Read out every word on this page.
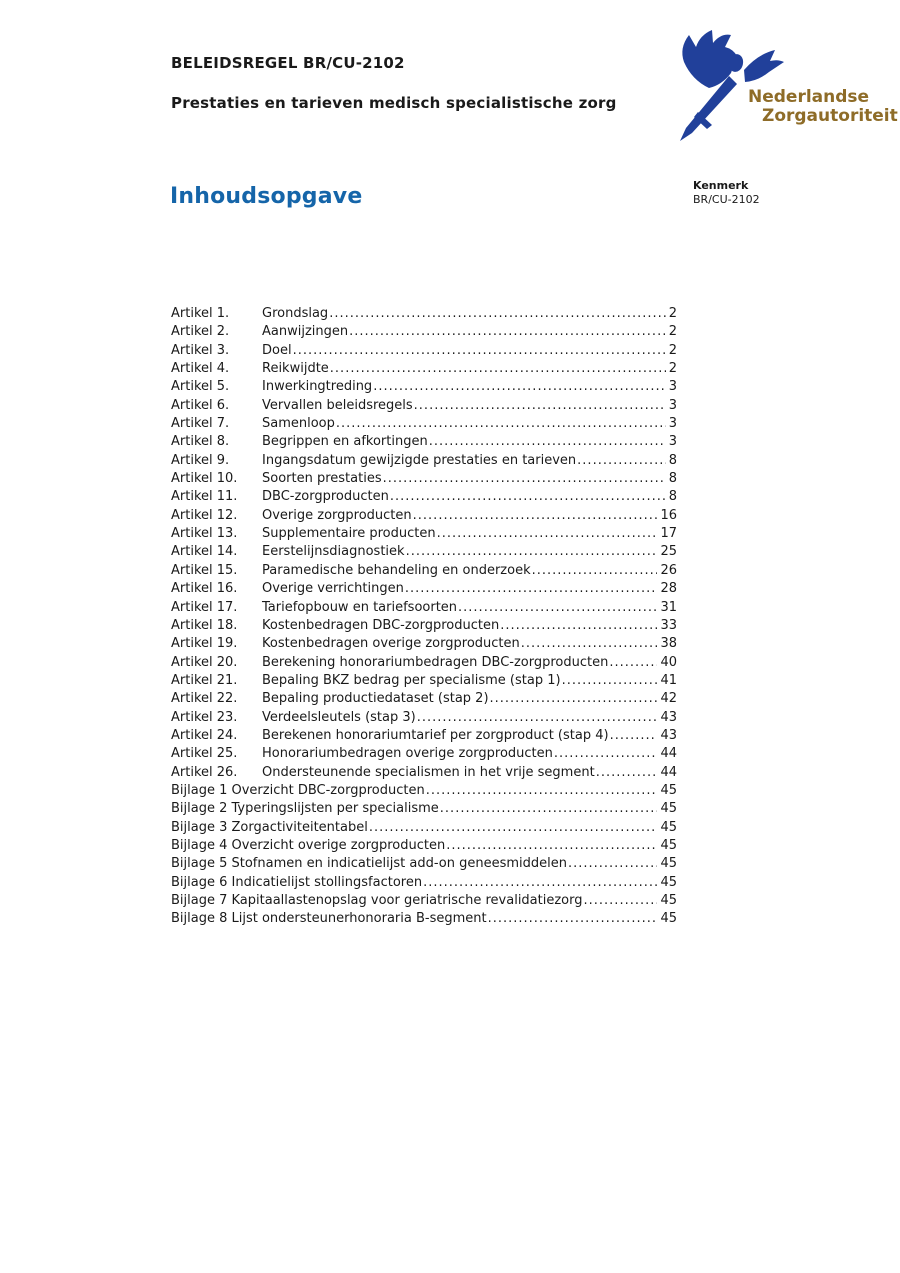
BELEIDSREGEL BR/CU-2102
Prestaties en tarieven medisch specialistische zorg	Nederlandse
Zorgautoriteit
Kenmerk
BR/CU-2102
Inhoudsopgave
Artikel 1.	Grondslag .....	2
Artikel 2.	Aanwijzingen .....	2
Artikel 3.	Doel .....	2
Artikel 4.	Reikwijdte .....	2
Artikel 5.	Inwerkingtreding .....	3
Artikel 6.	Vervallen beleidsregels .....	3
Artikel 7.	Samenloop .....	3
Artikel 8.	Begrippen en afkortingen .....	3
Artikel 9.	Ingangsdatum gewijzigde prestaties en tarieven .....	8
Artikel 10.	Soorten prestaties .....	8
Artikel 11.	DBC-zorgproducten .....	8
Artikel 12.	Overige zorgproducten .....	16
Artikel 13.	Supplementaire producten .....	17
Artikel 14.	Eerstelijnsdiagnostiek .....	25
Artikel 15.	Paramedische behandeling en onderzoek .....	26
Artikel 16.	Overige verrichtingen .....	28
Artikel 17.	Tariefopbouw en tariefsoorten .....	31
Artikel 18.	Kostenbedragen DBC-zorgproducten .....	33
Artikel 19.	Kostenbedragen overige zorgproducten .....	38
Artikel 20.	Berekening honorariumbedragen DBC-zorgproducten .....	40
Artikel 21.	Bepaling BKZ bedrag per specialisme (stap 1) .....	41
Artikel 22.	Bepaling productiedataset (stap 2) .....	42
Artikel 23.	Verdeelsleutels (stap 3) .....	43
Artikel 24.	Berekenen honorariumtarief per zorgproduct (stap 4) .....	43
Artikel 25.	Honorariumbedragen overige zorgproducten .....	44
Artikel 26.	Ondersteunende specialismen in het vrije segment .....	44
Bijlage 1 Overzicht DBC-zorgproducten .....	45
Bijlage 2 Typeringslijsten per specialisme .....	45
Bijlage 3 Zorgactiviteitentabel .....	45
Bijlage 4 Overzicht overige zorgproducten .....	45
Bijlage 5 Stofnamen en indicatielijst add-on geneesmiddelen .....	45
Bijlage 6 Indicatielijst stollingsfactoren .....	45
Bijlage 7 Kapitaallastenopslag voor geriatrische revalidatiezorg .....	45
Bijlage 8 Lijst ondersteunerhonoraria B-segment .....	45
